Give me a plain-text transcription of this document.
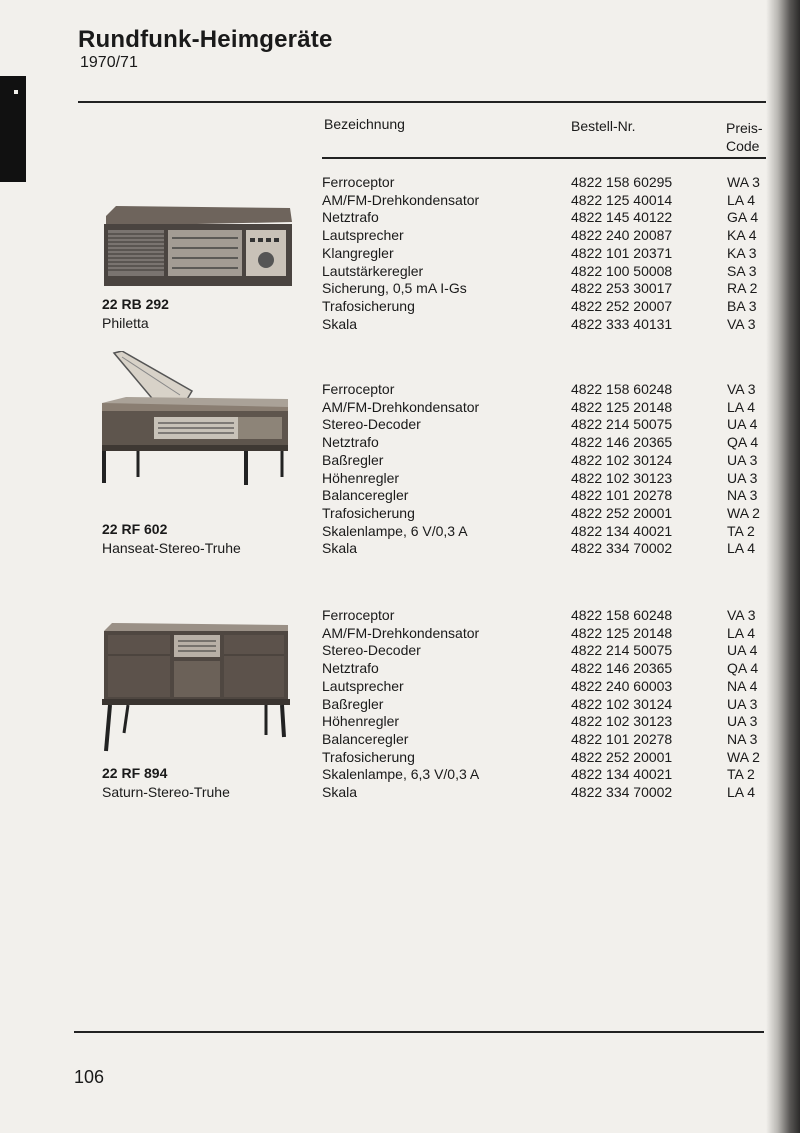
Rundfunk-Heimgeräte
1970/71
Bezeichnung	Bestell-Nr.	Preis-
Code
22 RB 292
Philetta
Ferroceptor	4822 158 60295	WA 3
AM/FM-Drehkondensator	4822 125 40014	LA 4
Netztrafo	4822 145 40122	GA 4
Lautsprecher	4822 240 20087	KA 4
Klangregler	4822 101 20371	KA 3
Lautstärkeregler	4822 100 50008	SA 3
Sicherung, 0,5 mA I-Gs	4822 253 30017	RA 2
Trafosicherung	4822 252 20007	BA 3
Skala	4822 333 40131	VA 3
22 RF 602
Hanseat-Stereo-Truhe
Ferroceptor	4822 158 60248	VA 3
AM/FM-Drehkondensator	4822 125 20148	LA 4
Stereo-Decoder	4822 214 50075	UA 4
Netztrafo	4822 146 20365	QA 4
Baßregler	4822 102 30124	UA 3
Höhenregler	4822 102 30123	UA 3
Balanceregler	4822 101 20278	NA 3
Trafosicherung	4822 252 20001	WA 2
Skalenlampe, 6 V/0,3 A	4822 134 40021	TA 2
Skala	4822 334 70002	LA 4
22 RF 894
Saturn-Stereo-Truhe
Ferroceptor	4822 158 60248	VA 3
AM/FM-Drehkondensator	4822 125 20148	LA 4
Stereo-Decoder	4822 214 50075	UA 4
Netztrafo	4822 146 20365	QA 4
Lautsprecher	4822 240 60003	NA 4
Baßregler	4822 102 30124	UA 3
Höhenregler	4822 102 30123	UA 3
Balanceregler	4822 101 20278	NA 3
Trafosicherung	4822 252 20001	WA 2
Skalenlampe, 6,3 V/0,3 A	4822 134 40021	TA 2
Skala	4822 334 70002	LA 4
106
